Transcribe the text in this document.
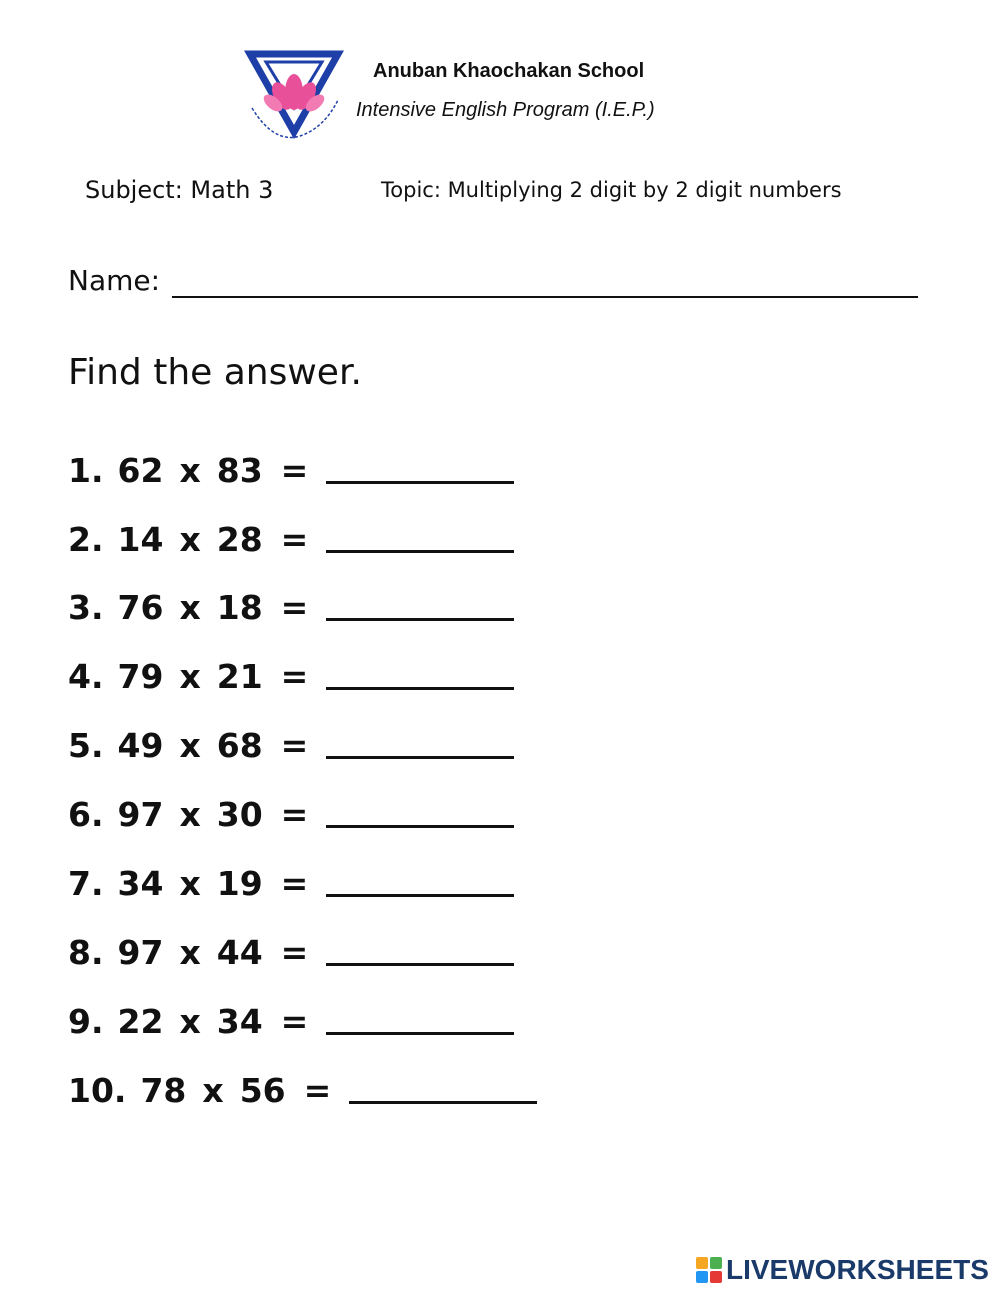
Anuban Khaochakan School
Intensive English Program (I.E.P.)
Subject: Math 3	Topic: Multiplying 2 digit by 2 digit numbers
Name:
Find the answer.
1. 62 x 83 =
2. 14 x 28 =
3. 76 x 18 =
4. 79 x 21 =
5. 49 x 68 =
6. 97 x 30 =
7. 34 x 19 =
8. 97 x 44 =
9. 22 x 34 =
10. 78 x 56 =
LIVEWORKSHEETS
